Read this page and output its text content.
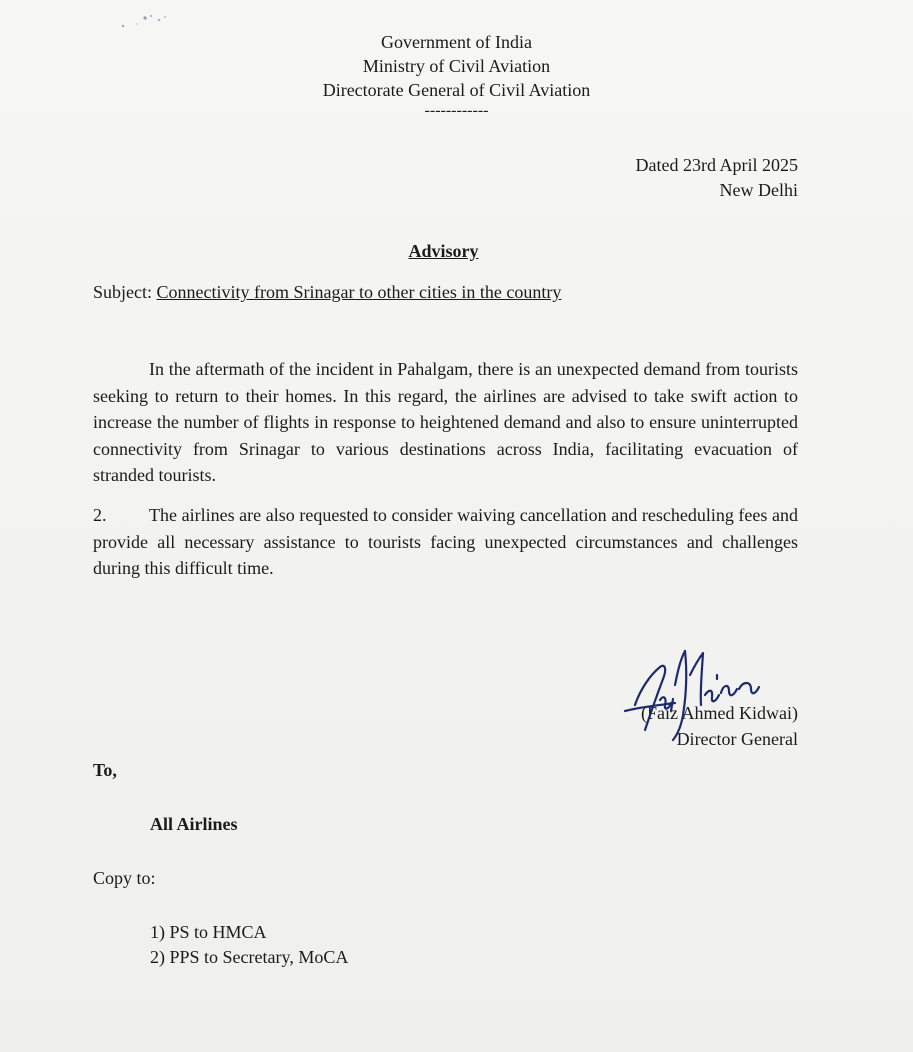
Government of India
Ministry of Civil Aviation
Directorate General of Civil Aviation
------------
Dated 23rd April 2025
New Delhi
Advisory
Subject: Connectivity from Srinagar to other cities in the country
In the aftermath of the incident in Pahalgam, there is an unexpected demand from tourists seeking to return to their homes. In this regard, the airlines are advised to take swift action to increase the number of flights in response to heightened demand and also to ensure uninterrupted connectivity from Srinagar to various destinations across India, facilitating evacuation of stranded tourists.
2. The airlines are also requested to consider waiving cancellation and rescheduling fees and provide all necessary assistance to tourists facing unexpected circumstances and challenges during this difficult time.
(Faiz Ahmed Kidwai)
Director General
To,
All Airlines
Copy to:
1) PS to HMCA
2) PPS to Secretary, MoCA
